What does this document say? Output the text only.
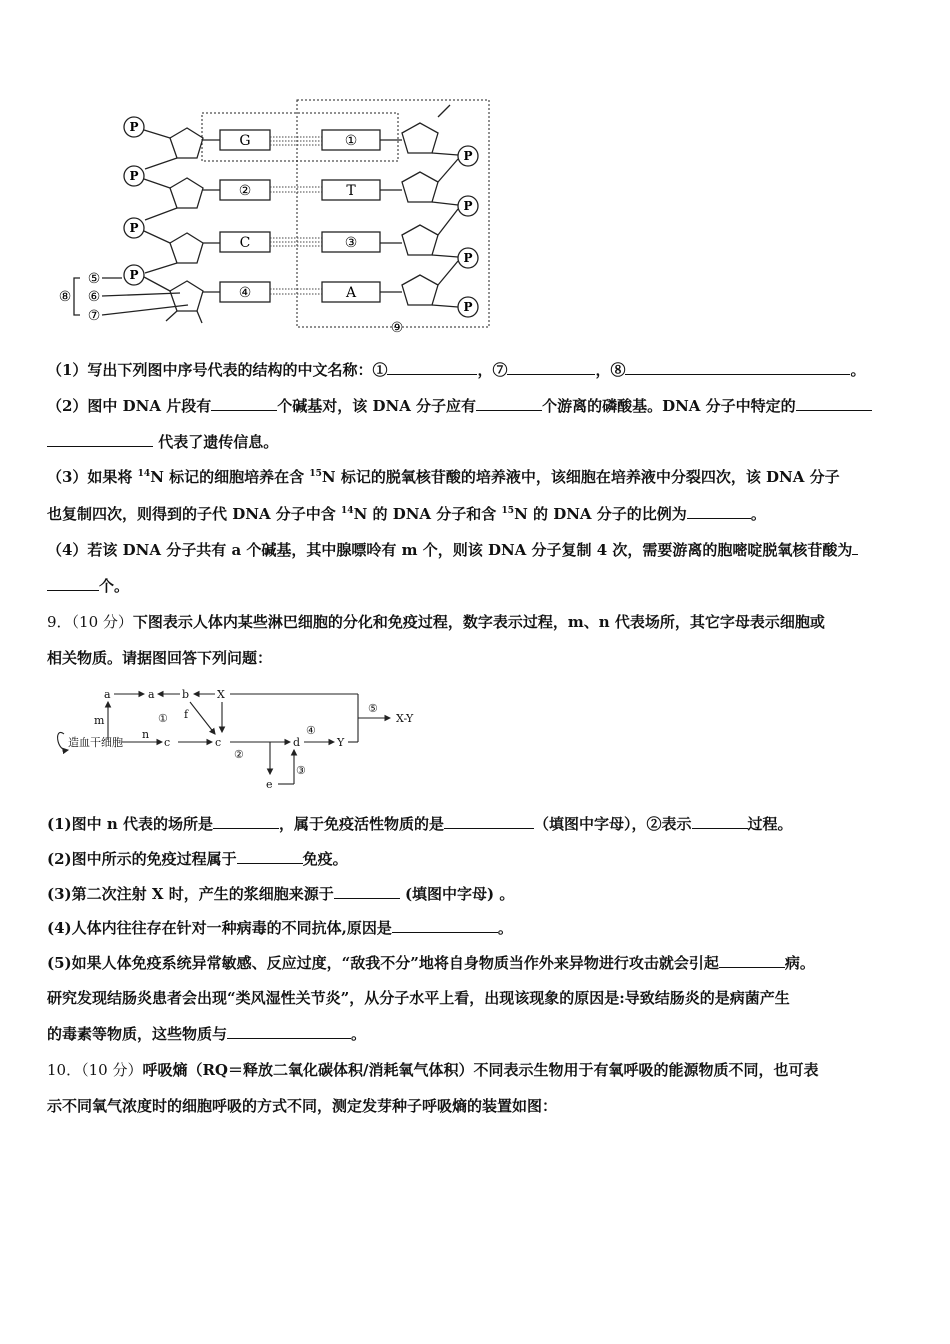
P
P
P
P
P
P
P
P
G
②
C
④
①
T
③
A
⑤
⑥
⑦
⑧
⑨
（1）写出下列图中序号代表的结构的中文名称：①	，⑦	，⑧	。
（2）图中 DNA 片段有	个碱基对，该 DNA 分子应有	个游离的磷酸基。DNA 分子中特定的
代表了遗传信息。
（3）如果将 $^{14}$N 标记的细胞培养在含 $^{15}$N 标记的脱氧核苷酸的培养液中，该细胞在培养液中分裂四次，该 DNA 分子
也复制四次，则得到的子代 DNA 分子中含 $^{14}$N 的 DNA 分子和含 $^{15}$N 的 DNA 分子的比例为	。
（4）若该 DNA 分子共有 a 个碱基，其中腺嘌呤有 m 个，则该 DNA 分子复制 4 次，需要游离的胞嘧啶脱氧核苷酸为
个。
9．（10 分）下图表示人体内某些淋巴细胞的分化和免疫过程，数字表示过程，m、n 代表场所，其它字母表示细胞或
相关物质。请据图回答下列问题：
a	a b	X
f
c	c	d
e
Y
m
n
造血干细胞
①
②
③
④
⑤
X-Y
(1)图中 n 代表的场所是	，属于免疫活性物质的是	（填图中字母），②表示	过程。
(2)图中所示的免疫过程属于	免疫。
(3)第二次注射 X 时，产生的浆细胞来源于	(填图中字母) 。
(4)人体内往往存在针对一种病毒的不同抗体,原因是	。
(5)如果人体免疫系统异常敏感、反应过度，“敌我不分”地将自身物质当作外来异物进行攻击就会引起	病。
研究发现结肠炎患者会出现“类风湿性关节炎”，从分子水平上看，出现该现象的原因是:导致结肠炎的是病菌产生
的毒素等物质，这些物质与	。
10．（10 分）呼吸熵（RQ＝释放二氧化碳体积/消耗氧气体积）不同表示生物用于有氧呼吸的能源物质不同，也可表
示不同氧气浓度时的细胞呼吸的方式不同，测定发芽种子呼吸熵的装置如图：
